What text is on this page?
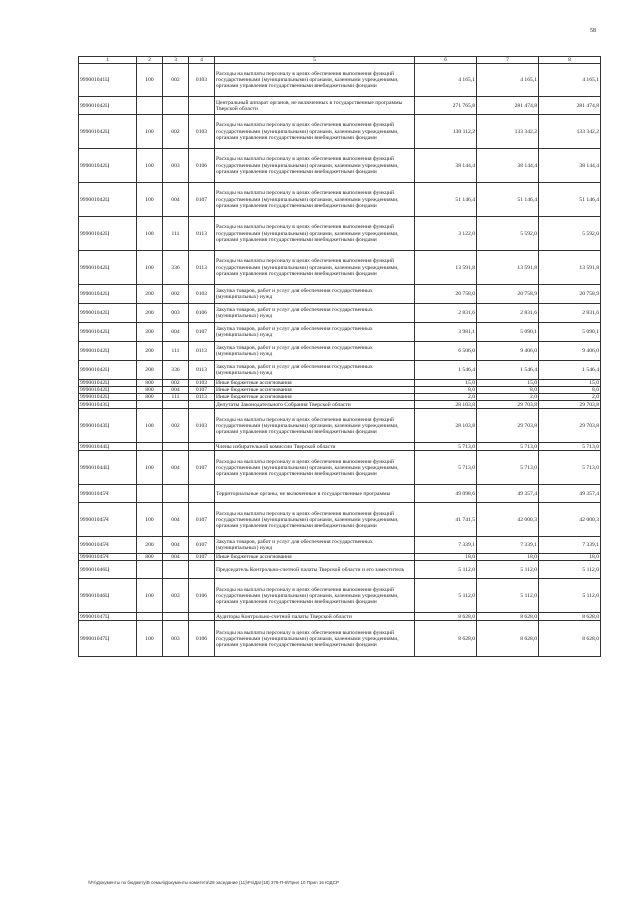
58
1	2	3	4	5	6	7	8
999001041Ц	100	002	0103	Расходы на выплаты персоналу в целях обеспечения выполнения функций государственными (муниципальными) органами, казенными учреждениями, органами управления государственными внебюджетными фондами	4 165,1	4 165,1	4 165,1
999001042Ц				Центральный аппарат органов, не включенных в государственные программы Тверской области	271 765,8	281 474,8	281 474,8
999001042Ц	100	002	0103	Расходы на выплаты персоналу в целях обеспечения выполнения функций государственными (муниципальными) органами, казенными учреждениями, органами управления государственными внебюджетными фондами	130 112,2	133 342,2	133 342,2
999001042Ц	100	003	0106	Расходы на выплаты персоналу в целях обеспечения выполнения функций государственными (муниципальными) органами, казенными учреждениями, органами управления государственными внебюджетными фондами	38 144,4	38 144,4	38 144,4
999001042Ц	100	004	0107	Расходы на выплаты персоналу в целях обеспечения выполнения функций государственными (муниципальными) органами, казенными учреждениями, органами управления государственными внебюджетными фондами	51 146,4	51 146,4	51 146,4
999001042Ц	100	111	0113	Расходы на выплаты персоналу в целях обеспечения выполнения функций государственными (муниципальными) органами, казенными учреждениями, органами управления государственными внебюджетными фондами	3 122,0	5 592,0	5 592,0
999001042Ц	100	336	0113	Расходы на выплаты персоналу в целях обеспечения выполнения функций государственными (муниципальными) органами, казенными учреждениями, органами управления государственными внебюджетными фондами	13 591,8	13 591,8	13 591,8
999001042Ц	200	002	0103	Закупка товаров, работ и услуг для обеспечения государственных (муниципальных) нужд	20 758,0	20 758,9	20 758,9
999001042Ц	200	003	0106	Закупка товаров, работ и услуг для обеспечения государственных (муниципальных) нужд	2 831,6	2 831,6	2 831,6
999001042Ц	200	004	0107	Закупка товаров, работ и услуг для обеспечения государственных (муниципальных) нужд	3 981,1	5 090,1	5 090,1
999001042Ц	200	111	0113	Закупка товаров, работ и услуг для обеспечения государственных (муниципальных) нужд	6 506,0	9 406,0	9 406,0
999001042Ц	200	336	0113	Закупка товаров, работ и услуг для обеспечения государственных (муниципальных) нужд	1 546,4	1 546,4	1 546,4
999001042Ц	800	002	0103	Иные бюджетные ассигнования	15,0	15,0	15,0
999001042Ц	800	004	0107	Иные бюджетные ассигнования	8,0	8,0	8,0
999001042Ц	800	111	0113	Иные бюджетные ассигнования	2,0	2,0	2,0
999001043Ц				Депутаты Законодательного Собрания Тверской области	28 103,8	29 703,8	29 703,8
999001043Ц	100	002	0103	Расходы на выплаты персоналу в целях обеспечения выполнения функций государственными (муниципальными) органами, казенными учреждениями, органами управления государственными внебюджетными фондами	28 103,8	29 703,8	29 703,8
999001044Ц				Члены избирательной комиссии Тверской области	5 713,0	5 713,0	5 713,0
999001044Ц	100	004	0107	Расходы на выплаты персоналу в целях обеспечения выполнения функций государственными (муниципальными) органами, казенными учреждениями, органами управления государственными внебюджетными фондами	5 713,0	5 713,0	5 713,0
999001045Ч				Территориальные органы, не включенные в государственные программы	49 098,6	49 357,4	49 357,4
999001045Ч	100	004	0107	Расходы на выплаты персоналу в целях обеспечения выполнения функций государственными (муниципальными) органами, казенными учреждениями, органами управления государственными внебюджетными фондами	41 741,5	42 000,3	42 000,3
999001045Ч	200	004	0107	Закупка товаров, работ и услуг для обеспечения государственных (муниципальных) нужд	7 339,1	7 339,1	7 339,1
999001045Ч	800	004	0107	Иные бюджетные ассигнования	18,0	18,0	18,0
999001046Ц				Председатель Контрольно-счетной палаты Тверской области и его заместитель	5 112,0	5 112,0	5 112,0
999001046Ц	100	003	0106	Расходы на выплаты персоналу в целях обеспечения выполнения функций государственными (муниципальными) органами, казенными учреждениями, органами управления государственными внебюджетными фондами	5 112,0	5 112,0	5 112,0
999001047Ц				Аудиторы Контрольно-счетной палаты Тверской области	8 628,0	8 628,0	8 628,0
999001047Ц	100	003	0106	Расходы на выплаты персоналу в целях обеспечения выполнения функций государственными (муниципальными) органами, казенными учреждениями, органами управления государственными внебюджетными фондами	8 628,0	8 628,0	8 628,0
\\Fs\Документы по бюджету\Б семья\Документы комитета\28 заседание (11)\Fs\Дат(18) 378-П-6\Прил 10 Прил 16 ЮДСР
